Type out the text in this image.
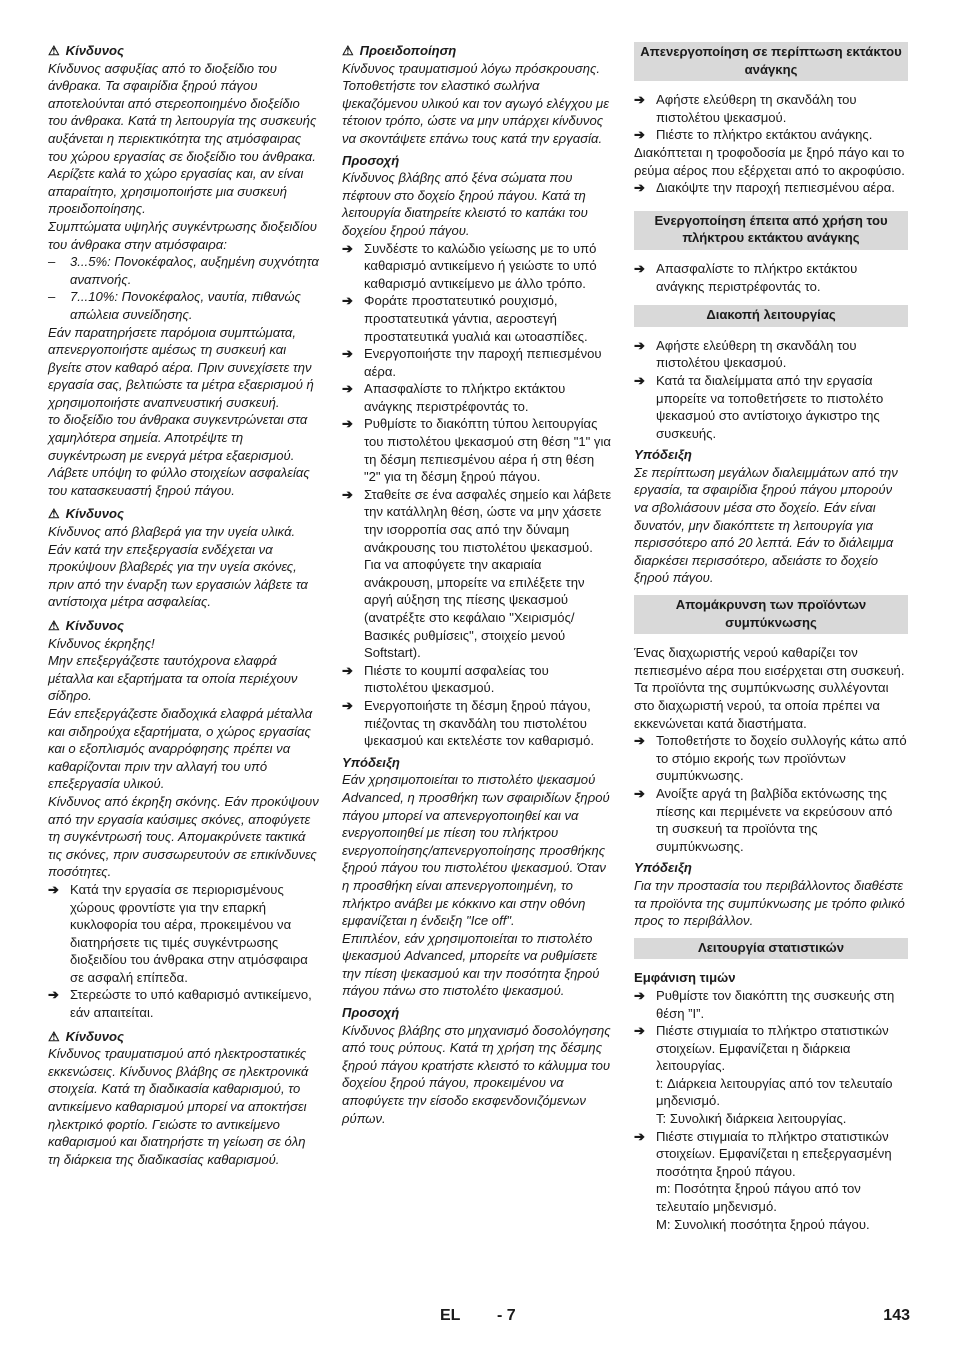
⚠ Κίνδυνος

Κίνδυνος ασφυξίας από το διοξείδιο του άνθρακα. Τα σφαιρίδια ξηρού πάγου αποτελούνται από στερεοποιημένο διοξείδιο του άνθρακα. Κατά τη λειτουργία της συσκευής αυξάνεται η περιεκτικότητα της ατμόσφαιρας του χώρου εργασίας σε διοξείδιο του άνθρακα. Αερίζετε καλά το χώρο εργασίας και, αν είναι απαραίτητο, χρησιμοποιήστε μια συσκευή προειδοποίησης.

Συμπτώματα υψηλής συγκέντρωσης διοξειδίου του άνθρακα στην ατμόσφαιρα:

–	3...5%: Πονοκέφαλος, αυξημένη συχνότητα αναπνοής.
–	7...10%: Πονοκέφαλος, ναυτία, πιθανώς απώλεια συνείδησης.

Εάν παρατηρήσετε παρόμοια συμπτώματα, απενεργοποιήστε αμέσως τη συσκευή και βγείτε στον καθαρό αέρα. Πριν συνεχίσετε την εργασία σας, βελτιώστε τα μέτρα εξαερισμού ή χρησιμοποιήστε αναπνευστική συσκευή.

το διοξείδιο του άνθρακα συγκεντρώνεται στα χαμηλότερα σημεία. Αποτρέψτε τη συγκέντρωση με ενεργά μέτρα εξαερισμού. Λάβετε υπόψη το φύλλο στοιχείων ασφαλείας του κατασκευαστή ξηρού πάγου.

⚠ Κίνδυνος

Κίνδυνος από βλαβερά για την υγεία υλικά. Εάν κατά την επεξεργασία ενδέχεται να προκύψουν βλαβερές για την υγεία σκόνες, πριν από την έναρξη των εργασιών λάβετε τα αντίστοιχα μέτρα ασφαλείας.

⚠ Κίνδυνος

Κίνδυνος έκρηξης!

Μην επεξεργάζεστε ταυτόχρονα ελαφρά μέταλλα και εξαρτήματα τα οποία περιέχουν σίδηρο.

Εάν επεξεργάζεστε διαδοχικά ελαφρά μέταλλα και σιδηρούχα εξαρτήματα, ο χώρος εργασίας και ο εξοπλισμός αναρρόφησης πρέπει να καθαρίζονται πριν την αλλαγή του υπό επεξεργασία υλικού.

Κίνδυνος από έκρηξη σκόνης. Εάν προκύψουν από την εργασία καύσιμες σκόνες, αποφύγετε τη συγκέντρωσή τους. Απομακρύνετε τακτικά τις σκόνες, πριν συσσωρευτούν σε επικίνδυνες ποσότητες.

➔ Κατά την εργασία σε περιορισμένους χώρους φροντίστε για την επαρκή κυκλοφορία του αέρα, προκειμένου να διατηρήσετε τις τιμές συγκέντρωσης διοξειδίου του άνθρακα στην ατμόσφαιρα σε ασφαλή επίπεδα.
➔ Στερεώστε το υπό καθαρισμό αντικείμενο, εάν απαιτείται.
⚠ Κίνδυνος

Κίνδυνος τραυματισμού από ηλεκτροστατικές εκκενώσεις. Κίνδυνος βλάβης σε ηλεκτρονικά στοιχεία. Κατά τη διαδικασία καθαρισμού, το αντικείμενο καθαρισμού μπορεί να αποκτήσει ηλεκτρικό φορτίο. Γειώστε το αντικείμενο καθαρισμού και διατηρήστε τη γείωση σε όλη τη διάρκεια της διαδικασίας καθαρισμού.

⚠ Προειδοποίηση

Κίνδυνος τραυματισμού λόγω πρόσκρουσης.

Τοποθετήστε τον ελαστικό σωλήνα ψεκαζόμενου υλικού και τον αγωγό ελέγχου με τέτοιον τρόπο, ώστε να μην υπάρχει κίνδυνος να σκοντάψετε επάνω τους κατά την εργασία.

Προσοχή

Κίνδυνος βλάβης από ξένα σώματα που πέφτουν στο δοχείο ξηρού πάγου. Κατά τη λειτουργία διατηρείτε κλειστό το καπάκι του δοχείου ξηρού πάγου.

➔ Συνδέστε το καλώδιο γείωσης με το υπό καθαρισμό αντικείμενο ή γειώστε το υπό καθαρισμό αντικείμενο με άλλο τρόπο.
➔ Φοράτε προστατευτικό ρουχισμό, προστατευτικά γάντια, αεροστεγή προστατευτικά γυαλιά και ωτοασπίδες.
➔ Ενεργοποιήστε την παροχή πεπιεσμένου αέρα.
➔ Απασφαλίστε το πλήκτρο εκτάκτου ανάγκης περιστρέφοντάς το.
➔ Ρυθμίστε το διακόπτη τύπου λειτουργίας του πιστολέτου ψεκασμού στη θέση "1" για τη δέσμη πεπιεσμένου αέρα ή στη θέση "2" για τη δέσμη ξηρού πάγου.
➔ Σταθείτε σε ένα ασφαλές σημείο και λάβετε την κατάλληλη θέση, ώστε να μην χάσετε την ισορροπία σας από την δύναμη ανάκρουσης του πιστολέτου ψεκασμού.

Για να αποφύγετε την ακαριαία ανάκρουση, μπορείτε να επιλέξετε την αργή αύξηση της πίεσης ψεκασμού (ανατρέξτε στο κεφάλαιο "Χειρισμός/Βασικές ρυθμίσεις", στοιχείο μενού Softstart).

➔ Πιέστε το κουμπί ασφαλείας του πιστολέτου ψεκασμού.
➔ Ενεργοποιήστε τη δέσμη ξηρού πάγου, πιέζοντας τη σκανδάλη του πιστολέτου ψεκασμού και εκτελέστε τον καθαρισμό.
Υπόδειξη

Εάν χρησιμοποιείται το πιστολέτο ψεκασμού Advanced, η προσθήκη των σφαιριδίων ξηρού πάγου μπορεί να απενεργοποιηθεί και να ενεργοποιηθεί με πίεση του πλήκτρου ενεργοποίησης/απενεργοποίησης προσθήκης ξηρού πάγου του πιστολέτου ψεκασμού. Όταν η προσθήκη είναι απενεργοποιημένη, το πλήκτρο ανάβει με κόκκινο και στην οθόνη εμφανίζεται η ένδειξη "Ice off".

Επιπλέον, εάν χρησιμοποιείται το πιστολέτο ψεκασμού Advanced, μπορείτε να ρυθμίσετε την πίεση ψεκασμού και την ποσότητα ξηρού πάγου πάνω στο πιστολέτο ψεκασμού.

Προσοχή

Κίνδυνος βλάβης στο μηχανισμό δοσολόγησης από τους ρύπους. Κατά τη χρήση της δέσμης ξηρού πάγου κρατήστε κλειστό το κάλυμμα του δοχείου ξηρού πάγου, προκειμένου να αποφύγετε την είσοδο εκσφενδονιζόμενων ρύπων.

Απενεργοποίηση σε περίπτωση εκτάκτου ανάγκης
➔ Αφήστε ελεύθερη τη σκανδάλη του πιστολέτου ψεκασμού.
➔ Πιέστε το πλήκτρο εκτάκτου ανάγκης.

Διακόπτεται η τροφοδοσία με ξηρό πάγο και το ρεύμα αέρος που εξέρχεται από το ακροφύσιο.

➔ Διακόψτε την παροχή πεπιεσμένου αέρα.
Ενεργοποίηση έπειτα από χρήση του πλήκτρου εκτάκτου ανάγκης
➔ Απασφαλίστε το πλήκτρο εκτάκτου ανάγκης περιστρέφοντάς το.
Διακοπή λειτουργίας
➔ Αφήστε ελεύθερη τη σκανδάλη του πιστολέτου ψεκασμού.
➔ Κατά τα διαλείμματα από την εργασία μπορείτε να τοποθετήσετε το πιστολέτο ψεκασμού στο αντίστοιχο άγκιστρο της συσκευής.
Υπόδειξη

Σε περίπτωση μεγάλων διαλειμμάτων από την εργασία, τα σφαιρίδια ξηρού πάγου μπορούν να σβολιάσουν μέσα στο δοχείο. Εάν είναι δυνατόν, μην διακόπτετε τη λειτουργία για περισσότερο από 20 λεπτά. Εάν το διάλειμμα διαρκέσει περισσότερο, αδειάστε το δοχείο ξηρού πάγου.

Απομάκρυνση των προϊόντων συμπύκνωσης

Ένας διαχωριστής νερού καθαρίζει τον πεπιεσμένο αέρα που εισέρχεται στη συσκευή. Τα προϊόντα της συμπύκνωσης συλλέγονται στο διαχωριστή νερού, τα οποία πρέπει να εκκενώνεται κατά διαστήματα.

➔ Τοποθετήστε το δοχείο συλλογής κάτω από το στόμιο εκροής των προϊόντων συμπύκνωσης.
➔ Ανοίξτε αργά τη βαλβίδα εκτόνωσης της πίεσης και περιμένετε να εκρεύσουν από τη συσκευή τα προϊόντα της συμπύκνωσης.
Υπόδειξη

Για την προστασία του περιβάλλοντος διαθέστε τα προϊόντα της συμπύκνωσης με τρόπο φιλικό προς το περιβάλλον.

Λειτουργία στατιστικών
Εμφάνιση τιμών
➔ Ρυθμίστε τον διακόπτη της συσκευής στη θέση ”I”.
➔ Πιέστε στιγμιαία το πλήκτρο στατιστικών στοιχείων. Εμφανίζεται η διάρκεια λειτουργίας.

t: Διάρκεια λειτουργίας από τον τελευταίο μηδενισμό.

T: Συνολική διάρκεια λειτουργίας.

➔ Πιέστε στιγμιαία το πλήκτρο στατιστικών στοιχείων. Εμφανίζεται η επεξεργασμένη ποσότητα ξηρού πάγου.

m: Ποσότητα ξηρού πάγου από τον τελευταίο μηδενισμό.

M: Συνολική ποσότητα ξηρού πάγου.

EL - 7	143
